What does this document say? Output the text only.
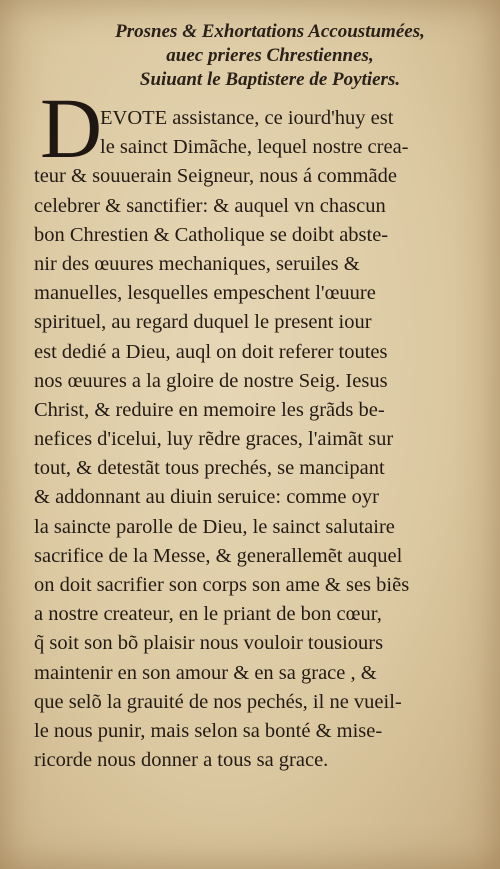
Prosnes & Exhortations Accoustumées,
auec prieres Chrestiennes,
Suiuant le Baptistere de Poytiers.
D
EVOTE assistance, ce iourd'huy est
le sainct Dimãche, lequel nostre crea-
teur & souuerain Seigneur, nous á commãde
celebrer & sanctifier: & auquel vn chascun
bon Chrestien & Catholique se doibt abste-
nir des œuures mechaniques, seruiles &
manuelles, lesquelles empeschent l'œuure
spirituel, au regard duquel le present iour
est dedié a Dieu, auql on doit referer toutes
nos œuures a la gloire de nostre Seig. Iesus
Christ, & reduire en memoire les grãds be-
nefices d'icelui, luy rẽdre graces, l'aimãt sur
tout, & detestãt tous prechés, se mancipant
& addonnant au diuin seruice: comme oyr
la saincte parolle de Dieu, le sainct salutaire
sacrifice de la Messe, & generallemẽt auquel
on doit sacrifier son corps son ame & ses biẽs
a nostre createur, en le priant de bon cœur,
q̃ soit son bõ plaisir nous vouloir tousiours
maintenir en son amour & en sa grace , &
que selõ la grauité de nos pechés, il ne vueil-
le nous punir, mais selon sa bonté & mise-
ricorde nous donner a tous sa grace.
